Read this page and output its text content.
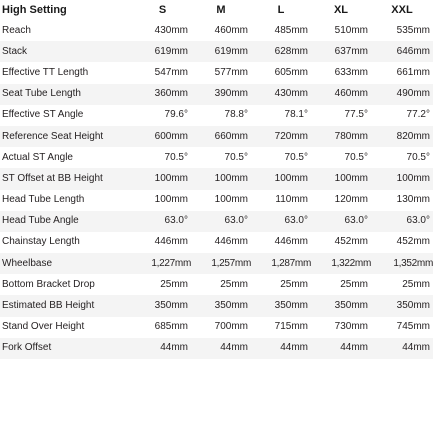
High Setting	S	M	L	XL	XXL
Reach	430mm	460mm	485mm	510mm	535mm
Stack	619mm	619mm	628mm	637mm	646mm
Effective TT Length	547mm	577mm	605mm	633mm	661mm
Seat Tube Length	360mm	390mm	430mm	460mm	490mm
Effective ST Angle	79.6°	78.8°	78.1°	77.5°	77.2°
Reference Seat Height	600mm	660mm	720mm	780mm	820mm
Actual ST Angle	70.5°	70.5°	70.5°	70.5°	70.5°
ST Offset at BB Height	100mm	100mm	100mm	100mm	100mm
Head Tube Length	100mm	100mm	110mm	120mm	130mm
Head Tube Angle	63.0°	63.0°	63.0°	63.0°	63.0°
Chainstay Length	446mm	446mm	446mm	452mm	452mm
Wheelbase	1,227mm	1,257mm	1,287mm	1,322mm	1,352mm
Bottom Bracket Drop	25mm	25mm	25mm	25mm	25mm
Estimated BB Height	350mm	350mm	350mm	350mm	350mm
Stand Over Height	685mm	700mm	715mm	730mm	745mm
Fork Offset	44mm	44mm	44mm	44mm	44mm
